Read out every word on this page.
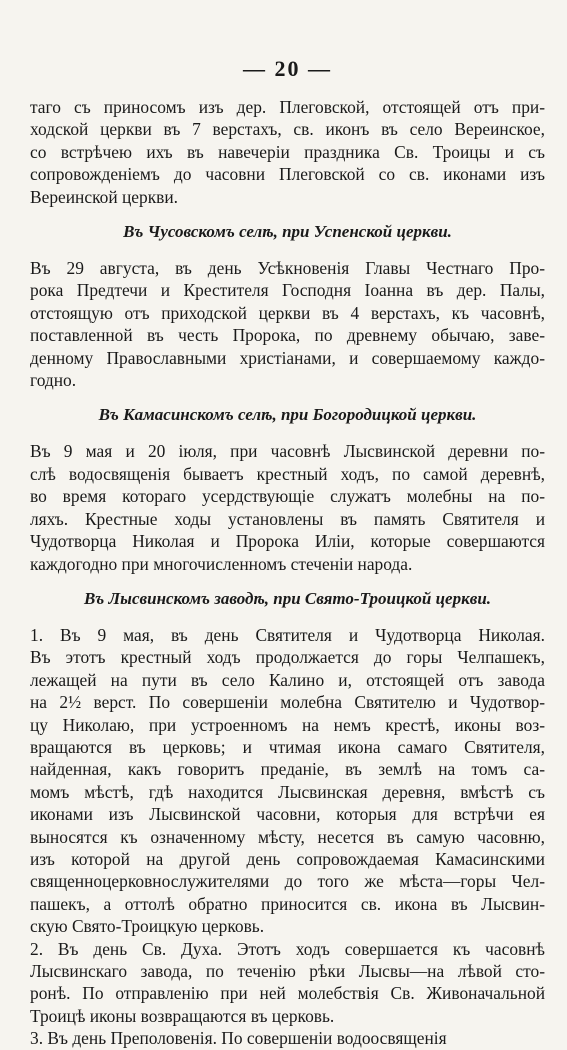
— 20 —
таго съ приносомъ изъ дер. Плеговской, отстоящей отъ при-
ходской церкви въ 7 верстахъ, св. иконъ въ село Вереинское,
со встрѣчею ихъ въ навечеріи праздника Св. Троицы и съ
сопровожденіемъ до часовни Плеговской со св. иконами изъ
Вереинской церкви.
Въ Чусовскомъ селѣ, при Успенской церкви.
Въ 29 августа, въ день Усѣкновенія Главы Честнаго Про-
рока Предтечи и Крестителя Господня Іоанна въ дер. Палы,
отстоящую отъ приходской церкви въ 4 верстахъ, къ часовнѣ,
поставленной въ честь Пророка, по древнему обычаю, заве-
денному Православными христіанами, и совершаемому каждо-
годно.
Въ Камасинскомъ селѣ, при Богородицкой церкви.
Въ 9 мая и 20 іюля, при часовнѣ Лысвинской деревни по-
слѣ водосвященія бываетъ крестный ходъ, по самой деревнѣ,
во время котораго усердствующіе служатъ молебны на по-
ляхъ. Крестные ходы установлены въ память Святителя и
Чудотворца Николая и Пророка Иліи, которые совершаются
каждогодно при многочисленномъ стеченіи народа.
Въ Лысвинскомъ заводѣ, при Свято-Троицкой церкви.
1. Въ 9 мая, въ день Святителя и Чудотворца Николая.
Въ этотъ крестный ходъ продолжается до горы Челпашекъ,
лежащей на пути въ село Калино и, отстоящей отъ завода
на 2½ верст. По совершеніи молебна Святителю и Чудотвор-
цу Николаю, при устроенномъ на немъ крестѣ, иконы воз-
вращаются въ церковь; и чтимая икона самаго Святителя,
найденная, какъ говоритъ преданіе, въ землѣ на томъ са-
момъ мѣстѣ, гдѣ находится Лысвинская деревня, вмѣстѣ съ
иконами изъ Лысвинской часовни, которыя для встрѣчи ея
выносятся къ означенному мѣсту, несется въ самую часовню,
изъ которой на другой день сопровождаемая Камасинскими
священноцерковнослужителями до того же мѣста—горы Чел-
пашекъ, а оттолѣ обратно приносится св. икона въ Лысвин-
скую Свято-Троицкую церковь.
2. Въ день Св. Духа. Этотъ ходъ совершается къ часовнѣ
Лысвинскаго завода, по теченію рѣки Лысвы—на лѣвой сто-
ронѣ. По отправленію при ней молебствія Св. Живоначальной
Троицѣ иконы возвращаются въ церковь.
3. Въ день Преполовенія. По совершеніи водоосвященія
